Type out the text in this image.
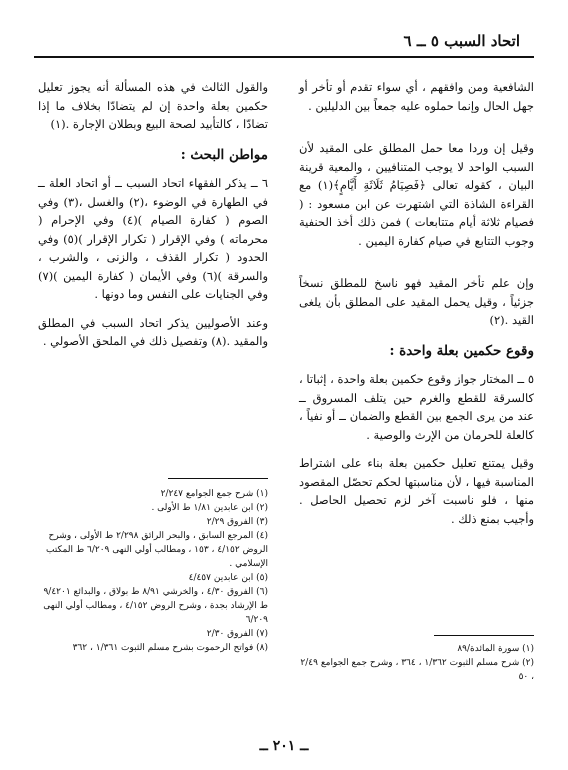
اتحاد السبب ٥ ــ ٦

الشافعية ومن وافقهم ، أي سواء تقدم أو تأخر أو جهل الحال وإنما حملوه عليه جمعاً بين الدليلين .

وقيل إن وردا معا حمل المطلق على المقيد لأن السبب الواحد لا يوجب المتنافيين ، والمعية قرينة البيان ، كقوله تعالى ﴿فَصِيَامُ ثَلَاثَةِ أَيَّامٍ﴾(١) مع القراءة الشاذة التي اشتهرت عن ابن مسعود : ( فصيام ثلاثة أيام متتابعات ) فمن ذلك أخذ الحنفية وجوب التتابع في صيام كفارة اليمين .

وإن علم تأخر المقيد فهو ناسخ للمطلق نسخاً جزئياً ، وقيل يحمل المقيد على المطلق بأن يلغى القيد .(٢)

وقوع حكمين بعلة واحدة :

٥ ــ المختار جواز وقوع حكمين بعلة واحدة ، إثباتا ، كالسرقة للقطع والغرم حين يتلف المسروق ــ عند من يرى الجمع بين القطع والضمان ــ أو نفياً ، كالعلة للحرمان من الإرث والوصية .

وقيل يمتنع تعليل حكمين بعلة بناء على اشتراط المناسبة فيها ، لأن مناسبتها لحكم تحصّل المقصود منها ، فلو ناسبت آخر لزم تحصيل الحاصل . وأجيب بمنع ذلك .

والقول الثالث في هذه المسألة أنه يجوز تعليل حكمين بعلة واحدة إن لم يتضادّا بخلاف ما إذا تضادّا ، كالتأبيد لصحة البيع وبطلان الإجارة .(١)

مواطن البحث :

٦ ــ يذكر الفقهاء اتحاد السبب ــ أو اتحاد العلة ــ في الطهارة في الوضوء ،(٢) والغسل ،(٣) وفي الصوم ( كفارة الصيام )(٤) وفي الإحرام ( محرماته ) وفي الإقرار ( تكرار الإقرار )(٥) وفي الحدود ( تكرار القذف ، والزنى ، والشرب ، والسرقة )(٦) وفي الأيمان ( كفارة اليمين )(٧) وفي الجنايات على النفس وما دونها .

وعند الأصوليين يذكر اتحاد السبب في المطلق والمقيد .(٨) وتفصيل ذلك في الملحق الأصولي .

(١) شرح جمع الجوامع ٢/٢٤٧

(٢) ابن عابدين ١/٨١ ط الأولى .

(٣) الفروق ٢/٢٩

(٤) المرجع السابق ، والبحر الرائق ٢/٢٩٨ ط الأولى ، وشرح الروض ٤/١٥٢ ، ١٥٣ ، ومطالب أولي النهى ٦/٢٠٩ ط المكتب الإسلامي .

(٥) ابن عابدين ٤/٤٥٧

(٦) الفروق ٤/٣٠ ، والخرشي ٨/٩١ ط بولاق ، والبدائع ٩/٤٢٠١ ط الإرشاد بجدة ، وشرح الروض ٤/١٥٢ ، ومطالب أولي النهى ٦/٢٠٩

(٧) الفروق ٢/٣٠

(٨) فواتح الرحموت بشرح مسلم الثبوت ١/٣٦١ ، ٣٦٢	(١) سورة المائدة/٨٩

(٢) شرح مسلم الثبوت ١/٣٦٢ ، ٣٦٤ ، وشرح جمع الجوامع ٢/٤٩ ، ٥٠

ــ ٢٠١ ــ
